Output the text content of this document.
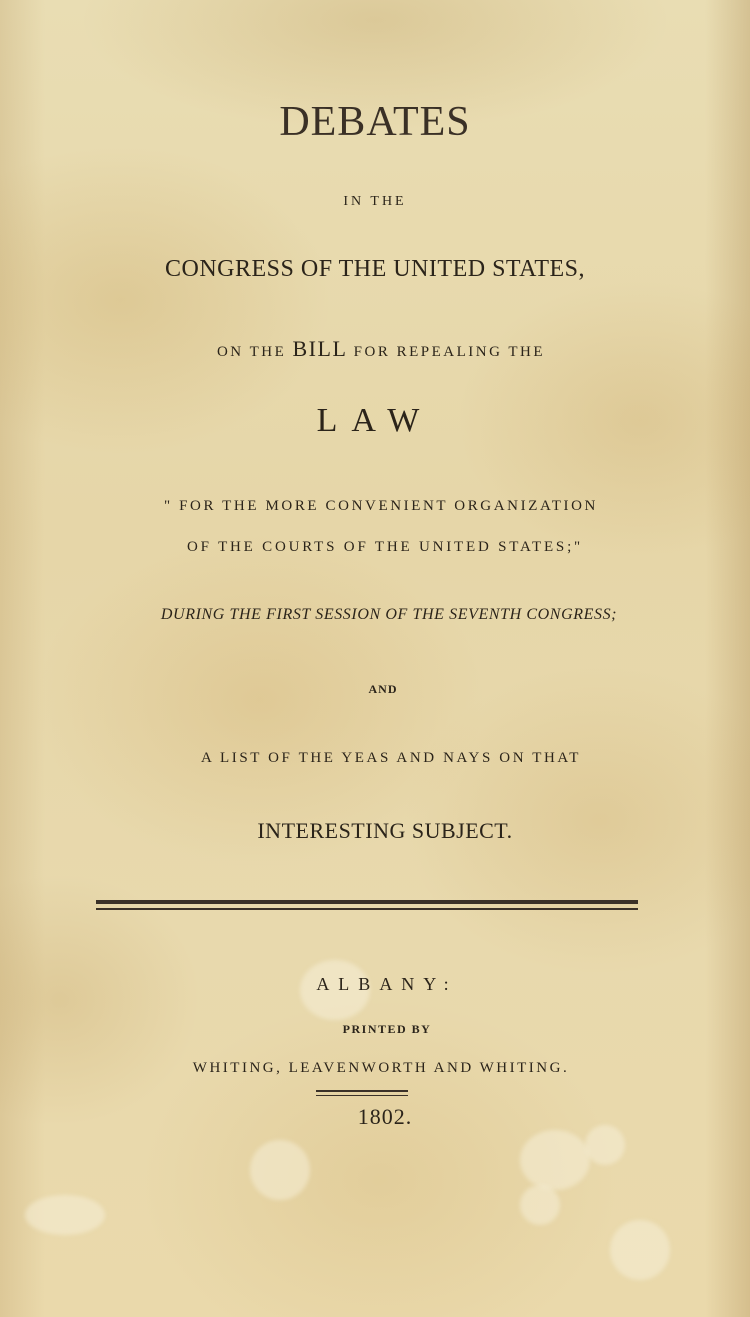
DEBATES
IN THE
CONGRESS OF THE UNITED STATES,
ON THE BILL FOR REPEALING THE
LAW
" FOR THE MORE CONVENIENT ORGANIZATION
OF THE COURTS OF THE UNITED STATES;"
DURING THE FIRST SESSION OF THE SEVENTH CONGRESS;
AND
A LIST OF THE YEAS AND NAYS ON THAT
INTERESTING SUBJECT.
ALBANY:
PRINTED BY
WHITING, LEAVENWORTH AND WHITING.
1802.
